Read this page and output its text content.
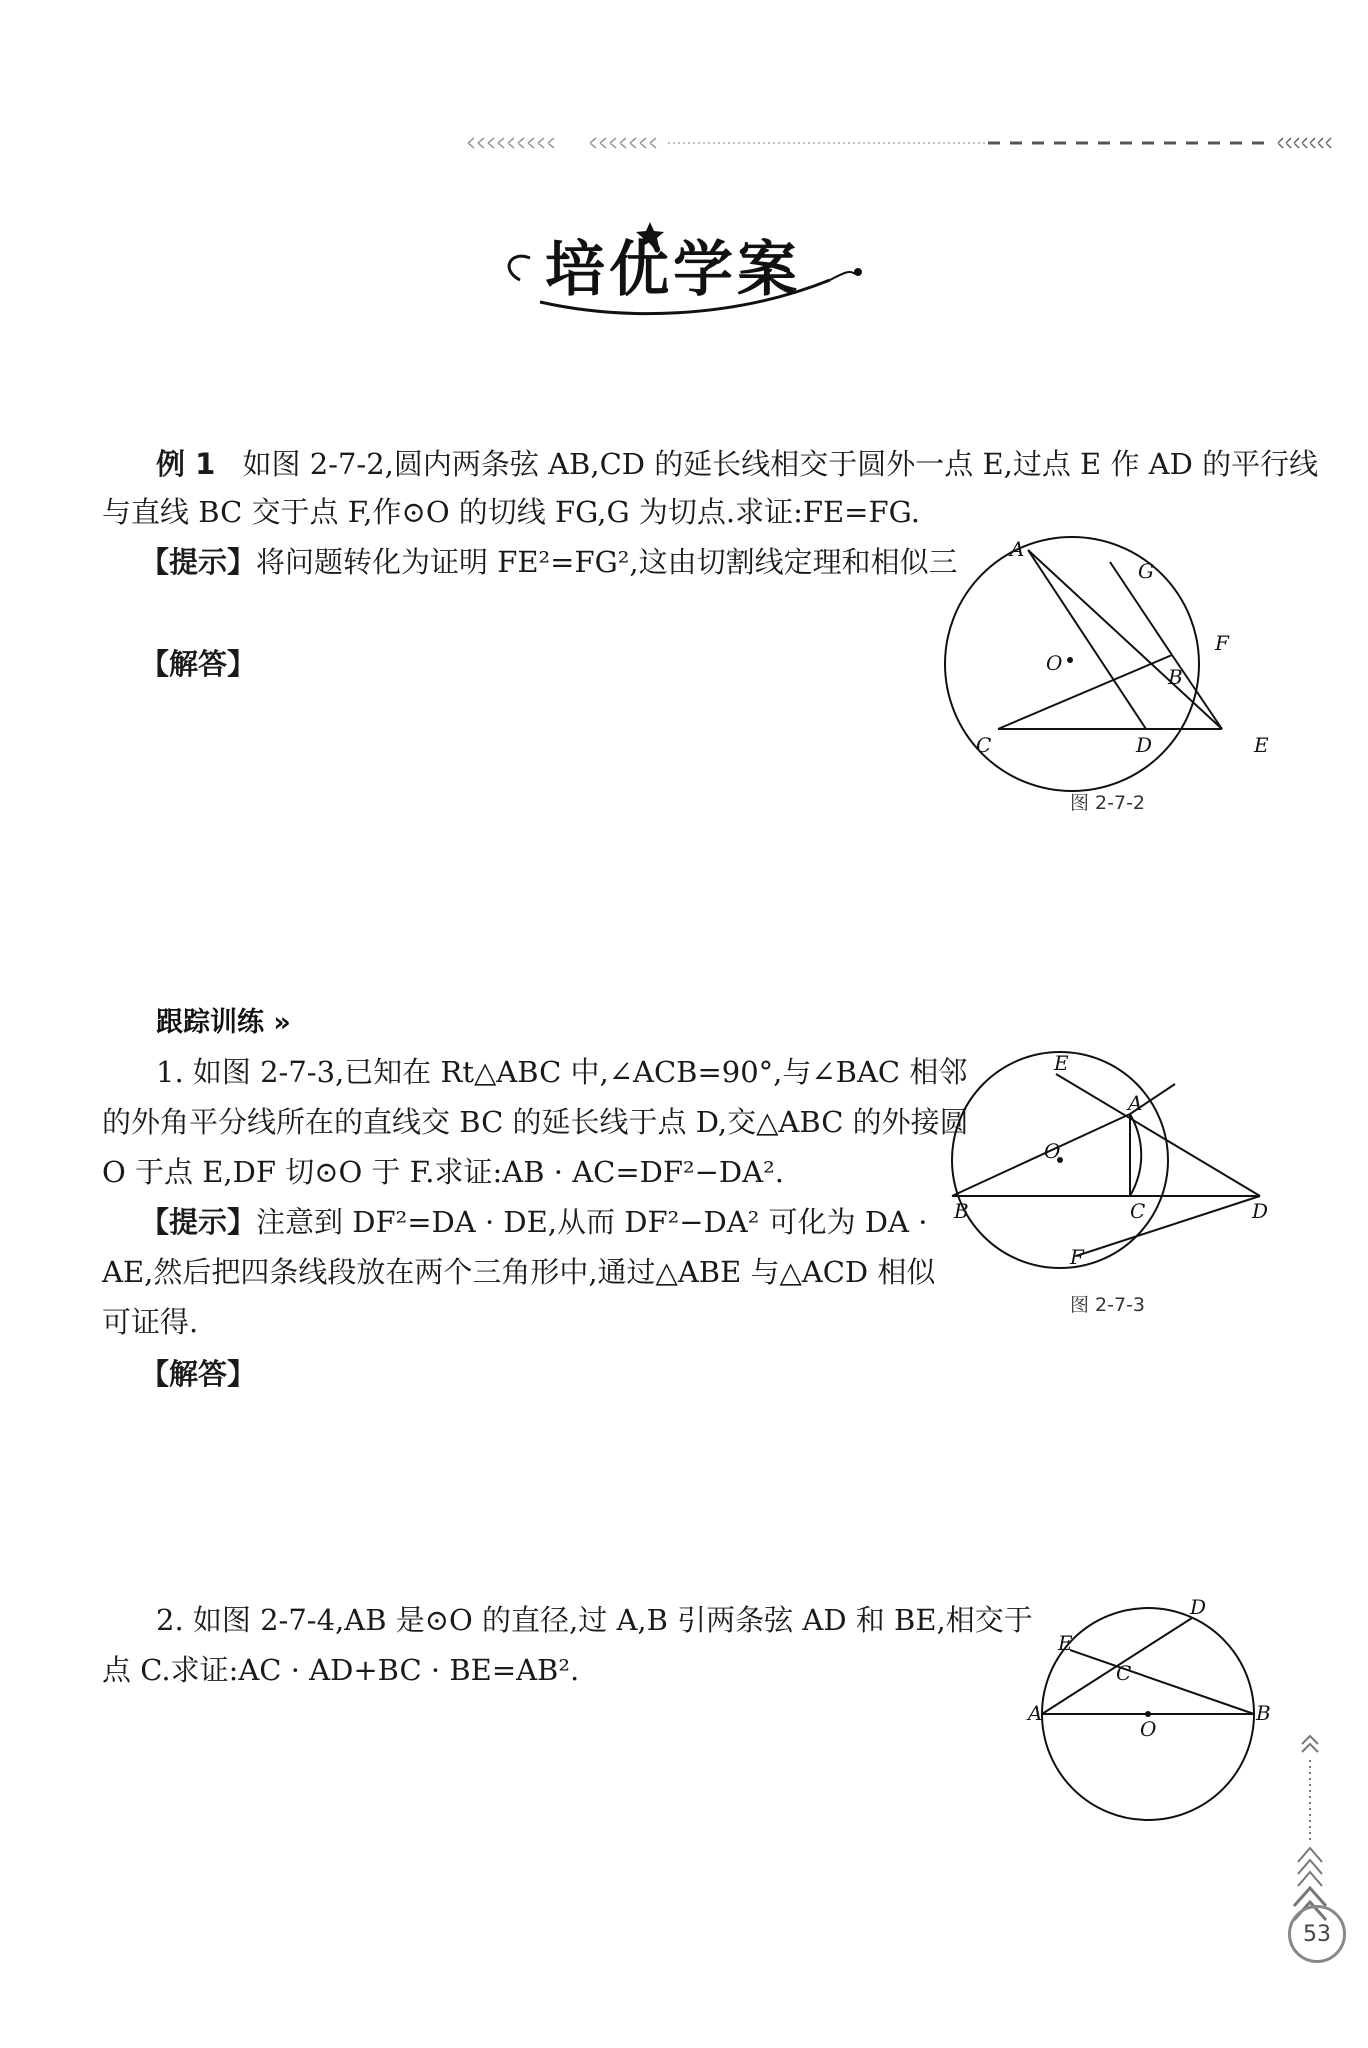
培优学案
例 1 如图 2-7-2,圆内两条弦 AB,CD 的延长线相交于圆外一点 E,过点 E 作 AD 的平行线
与直线 BC 交于点 F,作⊙O 的切线 FG,G 为切点.求证:FE=FG.
【提示】将问题转化为证明 FE²=FG²,这由切割线定理和相似三
【解答】
A
G
F
O
B
C	D	E
图 2-7-2
跟踪训练 »
1. 如图 2-7-3,已知在 Rt△ABC 中,∠ACB=90°,与∠BAC 相邻
的外角平分线所在的直线交 BC 的延长线于点 D,交△ABC 的外接圆
O 于点 E,DF 切⊙O 于 F.求证:AB · AC=DF²−DA².
【提示】注意到 DF²=DA · DE,从而 DF²−DA² 可化为 DA ·
AE,然后把四条线段放在两个三角形中,通过△ABE 与△ACD 相似
可证得.
【解答】
E
A
O
B	C	D
F
图 2-7-3
2. 如图 2-7-4,AB 是⊙O 的直径,过 A,B 引两条弦 AD 和 BE,相交于
点 C.求证:AC · AD+BC · BE=AB².
D
E
C
A
O
B
53
